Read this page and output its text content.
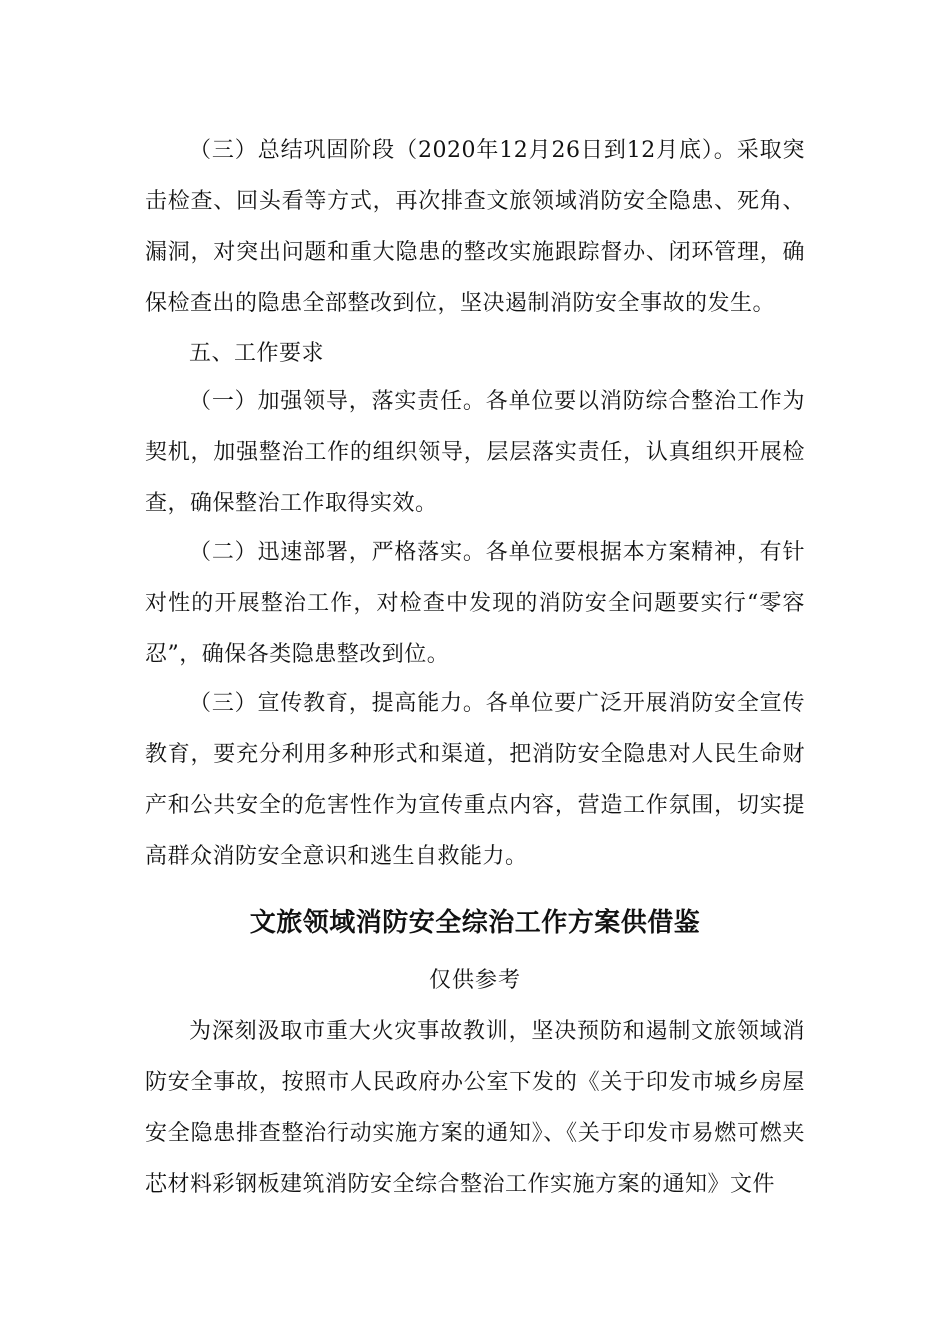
（三）总结巩固阶段（2020年12月26日到12月底）。采取突击检查、回头看等方式，再次排查文旅领域消防安全隐患、死角、漏洞，对突出问题和重大隐患的整改实施跟踪督办、闭环管理，确保检查出的隐患全部整改到位，坚决遏制消防安全事故的发生。

五、工作要求

（一）加强领导，落实责任。各单位要以消防综合整治工作为契机，加强整治工作的组织领导，层层落实责任，认真组织开展检查，确保整治工作取得实效。

（二）迅速部署，严格落实。各单位要根据本方案精神，有针对性的开展整治工作，对检查中发现的消防安全问题要实行“零容忍”，确保各类隐患整改到位。

（三）宣传教育，提高能力。各单位要广泛开展消防安全宣传教育，要充分利用多种形式和渠道，把消防安全隐患对人民生命财产和公共安全的危害性作为宣传重点内容，营造工作氛围，切实提高群众消防安全意识和逃生自救能力。

文旅领域消防安全综治工作方案供借鉴

仅供参考

为深刻汲取市重大火灾事故教训，坚决预防和遏制文旅领域消防安全事故，按照市人民政府办公室下发的《关于印发市城乡房屋安全隐患排查整治行动实施方案的通知》、《关于印发市易燃可燃夹芯材料彩钢板建筑消防安全综合整治工作实施方案的通知》文件
